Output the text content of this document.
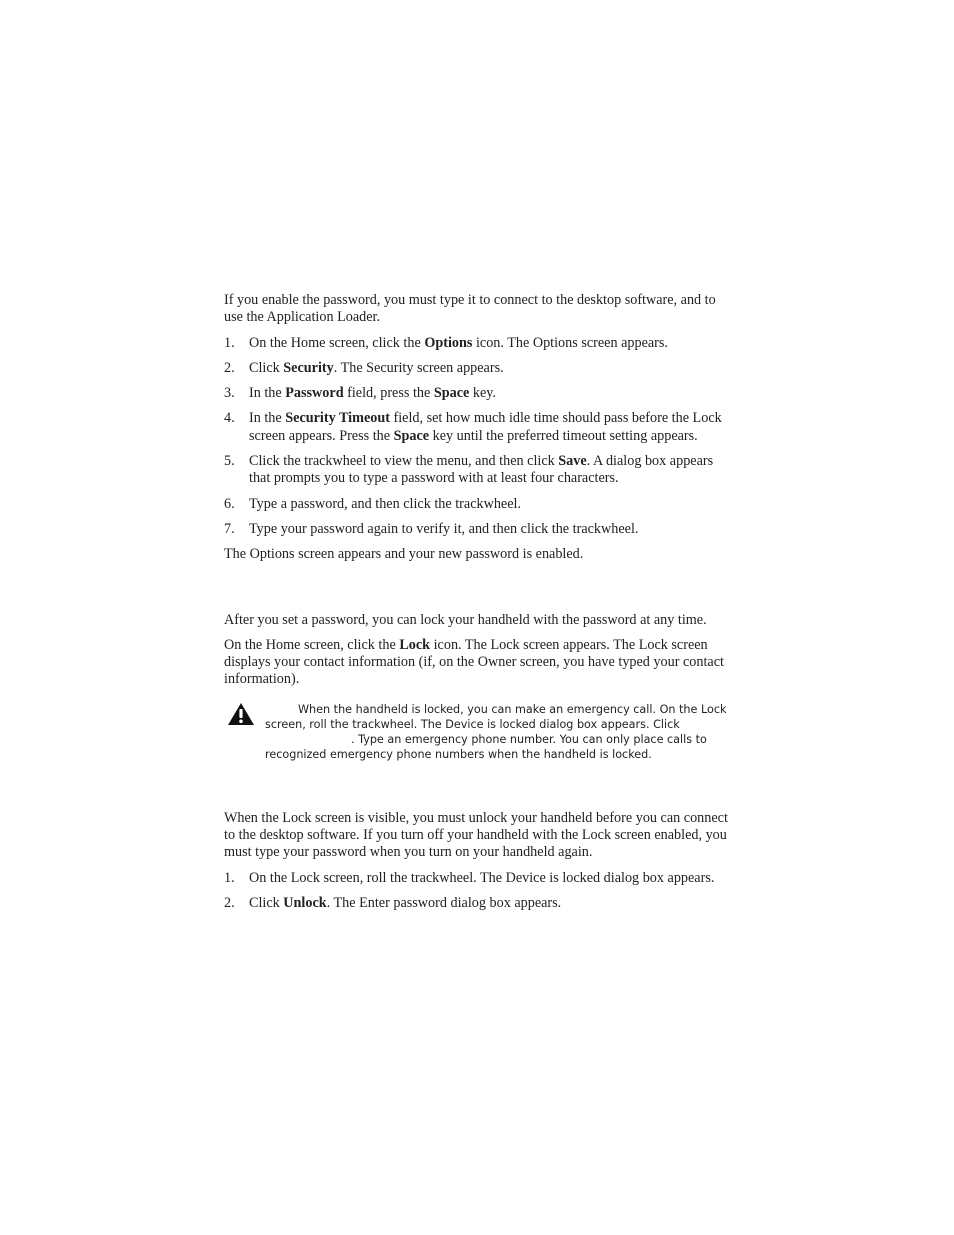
If you enable the password, you must type it to connect to the desktop software, and to use the Application Loader.

1. On the Home screen, click the Options icon. The Options screen appears.
2. Click Security. The Security screen appears.
3. In the Password field, press the Space key.
4. In the Security Timeout field, set how much idle time should pass before the Lock screen appears. Press the Space key until the preferred timeout setting appears.
5. Click the trackwheel to view the menu, and then click Save. A dialog box appears that prompts you to type a password with at least four characters.
6. Type a password, and then click the trackwheel.
7. Type your password again to verify it, and then click the trackwheel.

The Options screen appears and your new password is enabled.

After you set a password, you can lock your handheld with the password at any time.

On the Home screen, click the Lock icon. The Lock screen appears. The Lock screen displays your contact information (if, on the Owner screen, you have typed your contact information).

When the handheld is locked, you can make an emergency call. On the Lock screen, roll the trackwheel. The Device is locked dialog box appears. Click. Type an emergency phone number. You can only place calls to recognized emergency phone numbers when the handheld is locked.

When the Lock screen is visible, you must unlock your handheld before you can connect to the desktop software. If you turn off your handheld with the Lock screen enabled, you must type your password when you turn on your handheld again.

1. On the Lock screen, roll the trackwheel. The Device is locked dialog box appears.
2. Click Unlock. The Enter password dialog box appears.
